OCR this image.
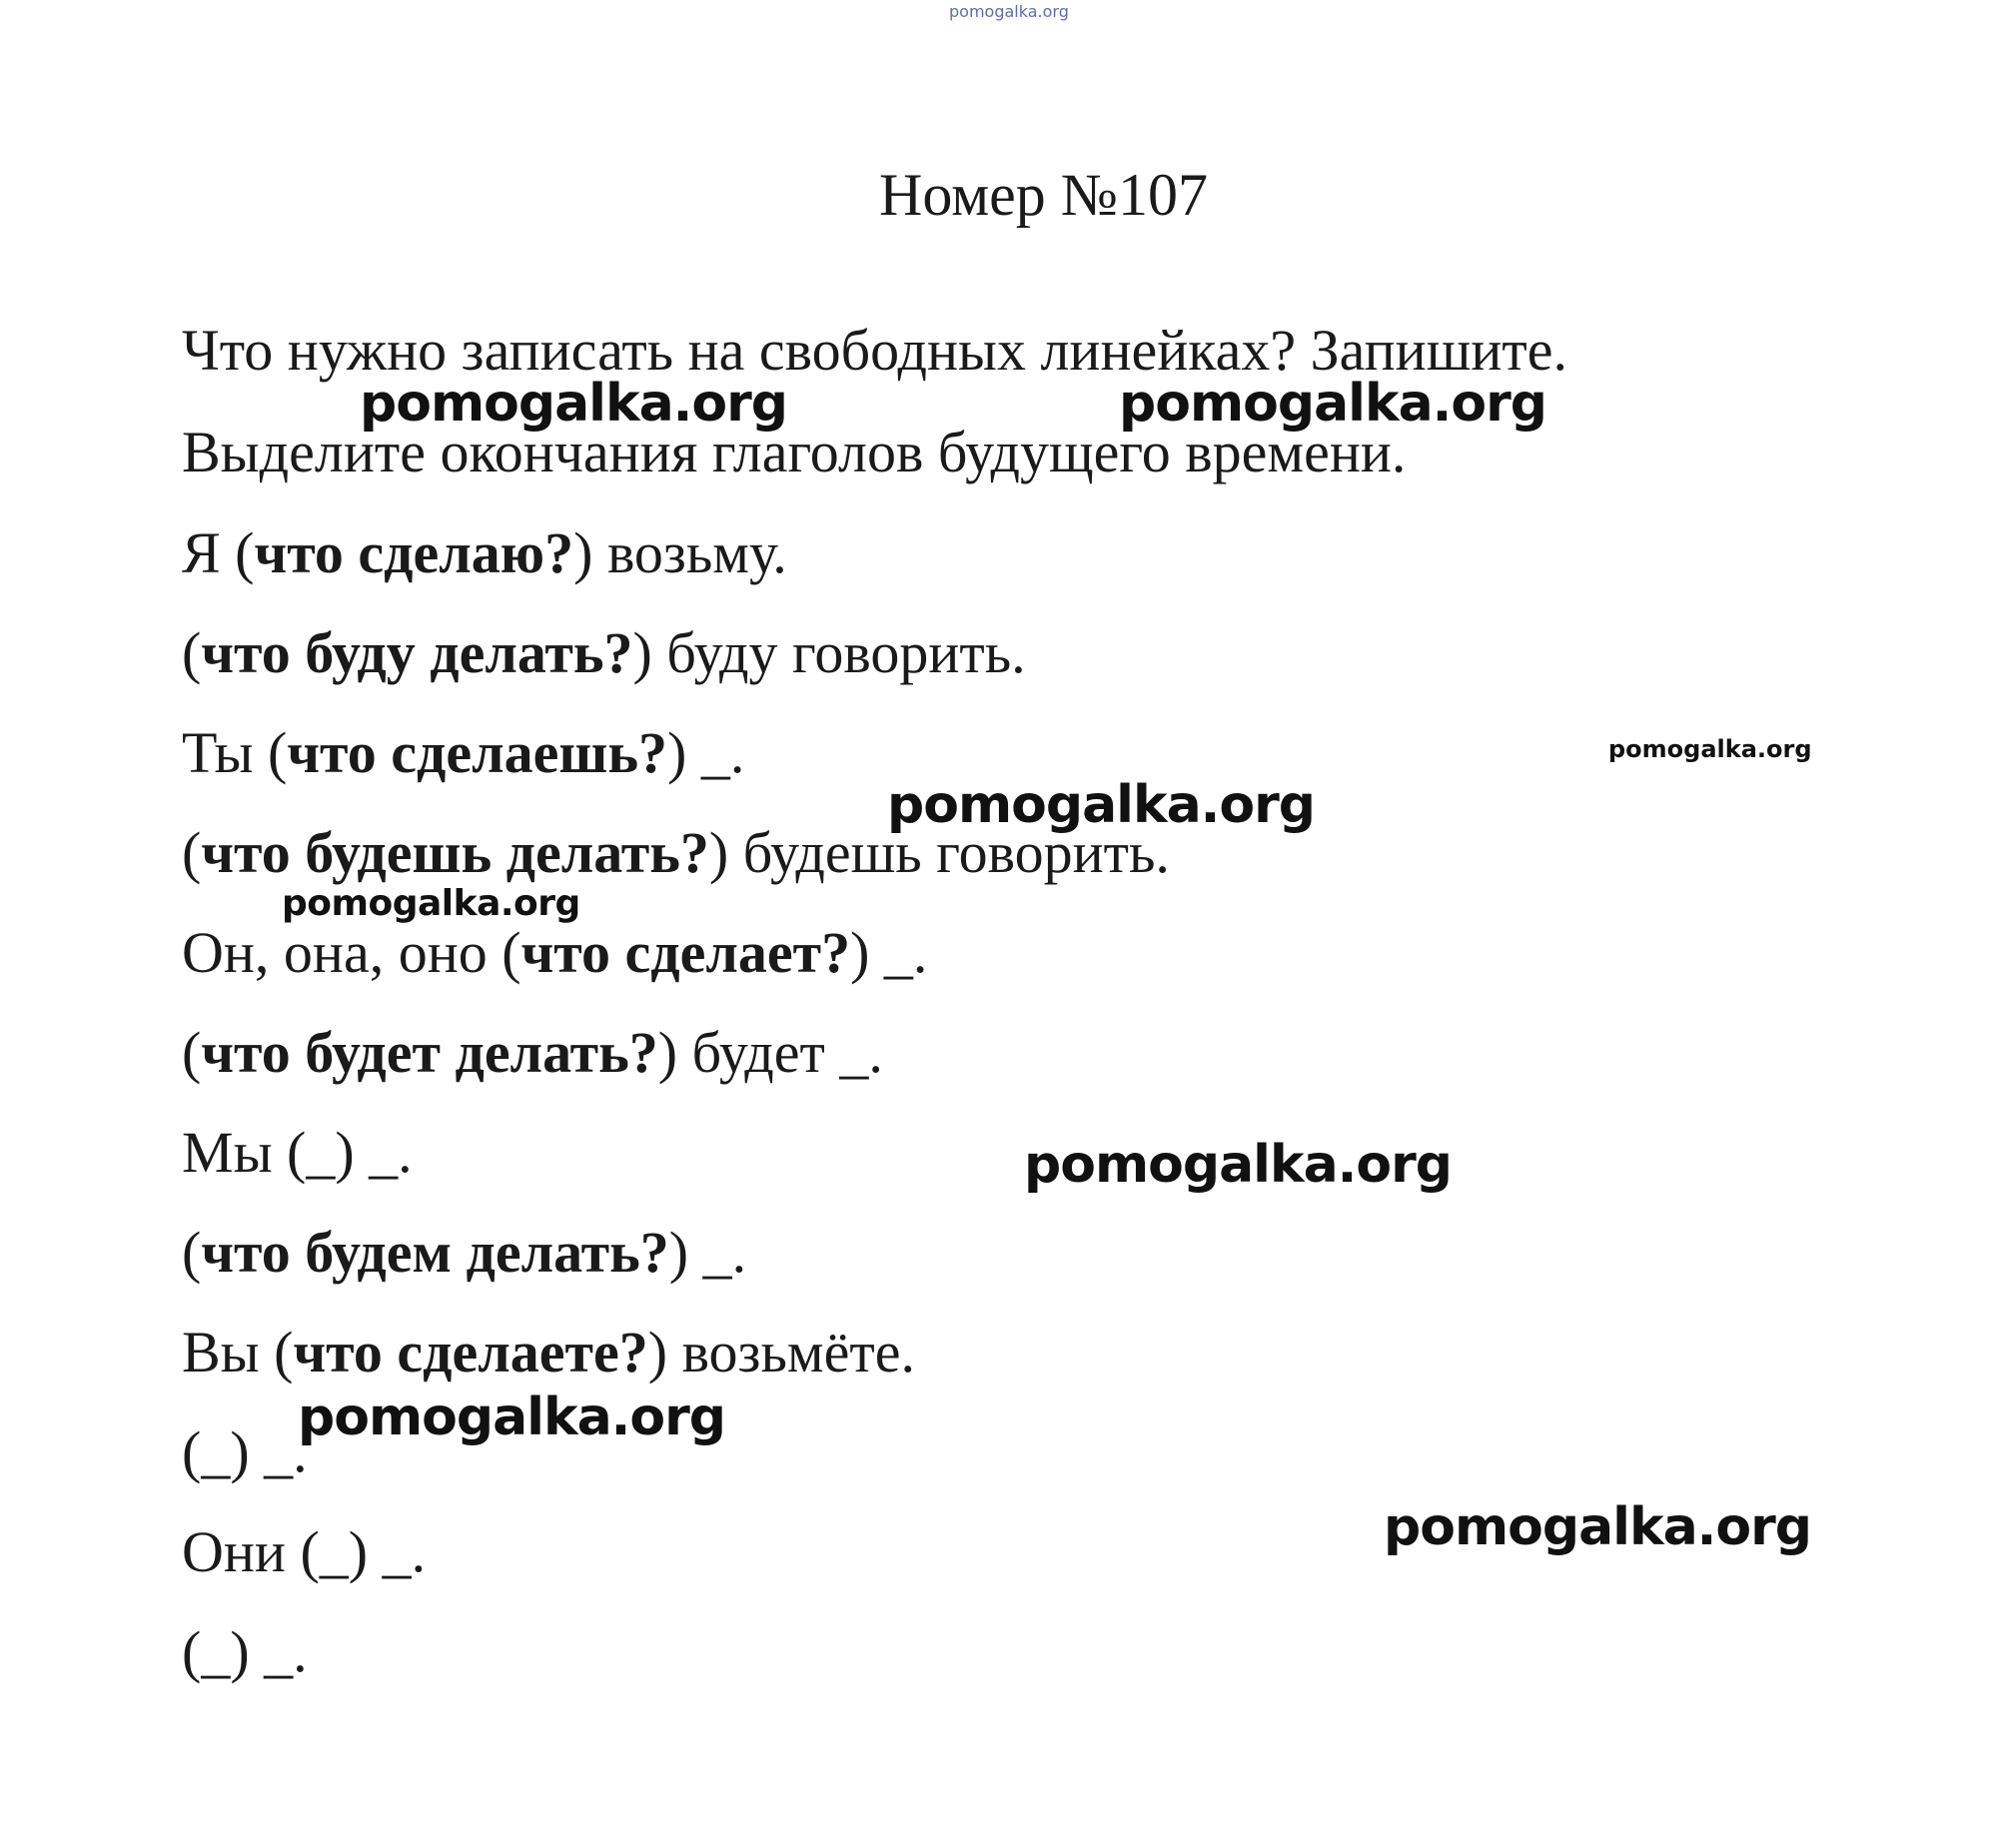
pomogalka.org
Номер №107
Что нужно записать на свободных линейках? Запишите.
Выделите окончания глаголов будущего времени.
Я (что сделаю?) возьму.
(что буду делать?) буду говорить.
Ты (что сделаешь?) _.
(что будешь делать?) будешь говорить.
Он, она, оно (что сделает?) _.
(что будет делать?) будет _.
Мы (_) _.
(что будем делать?) _.
Вы (что сделаете?) возьмёте.
(_) _.
Они (_) _.
(_) _.
pomogalka.org	pomogalka.org
pomogalka.org
pomogalka.org
pomogalka.org
pomogalka.org
pomogalka.org
pomogalka.org
